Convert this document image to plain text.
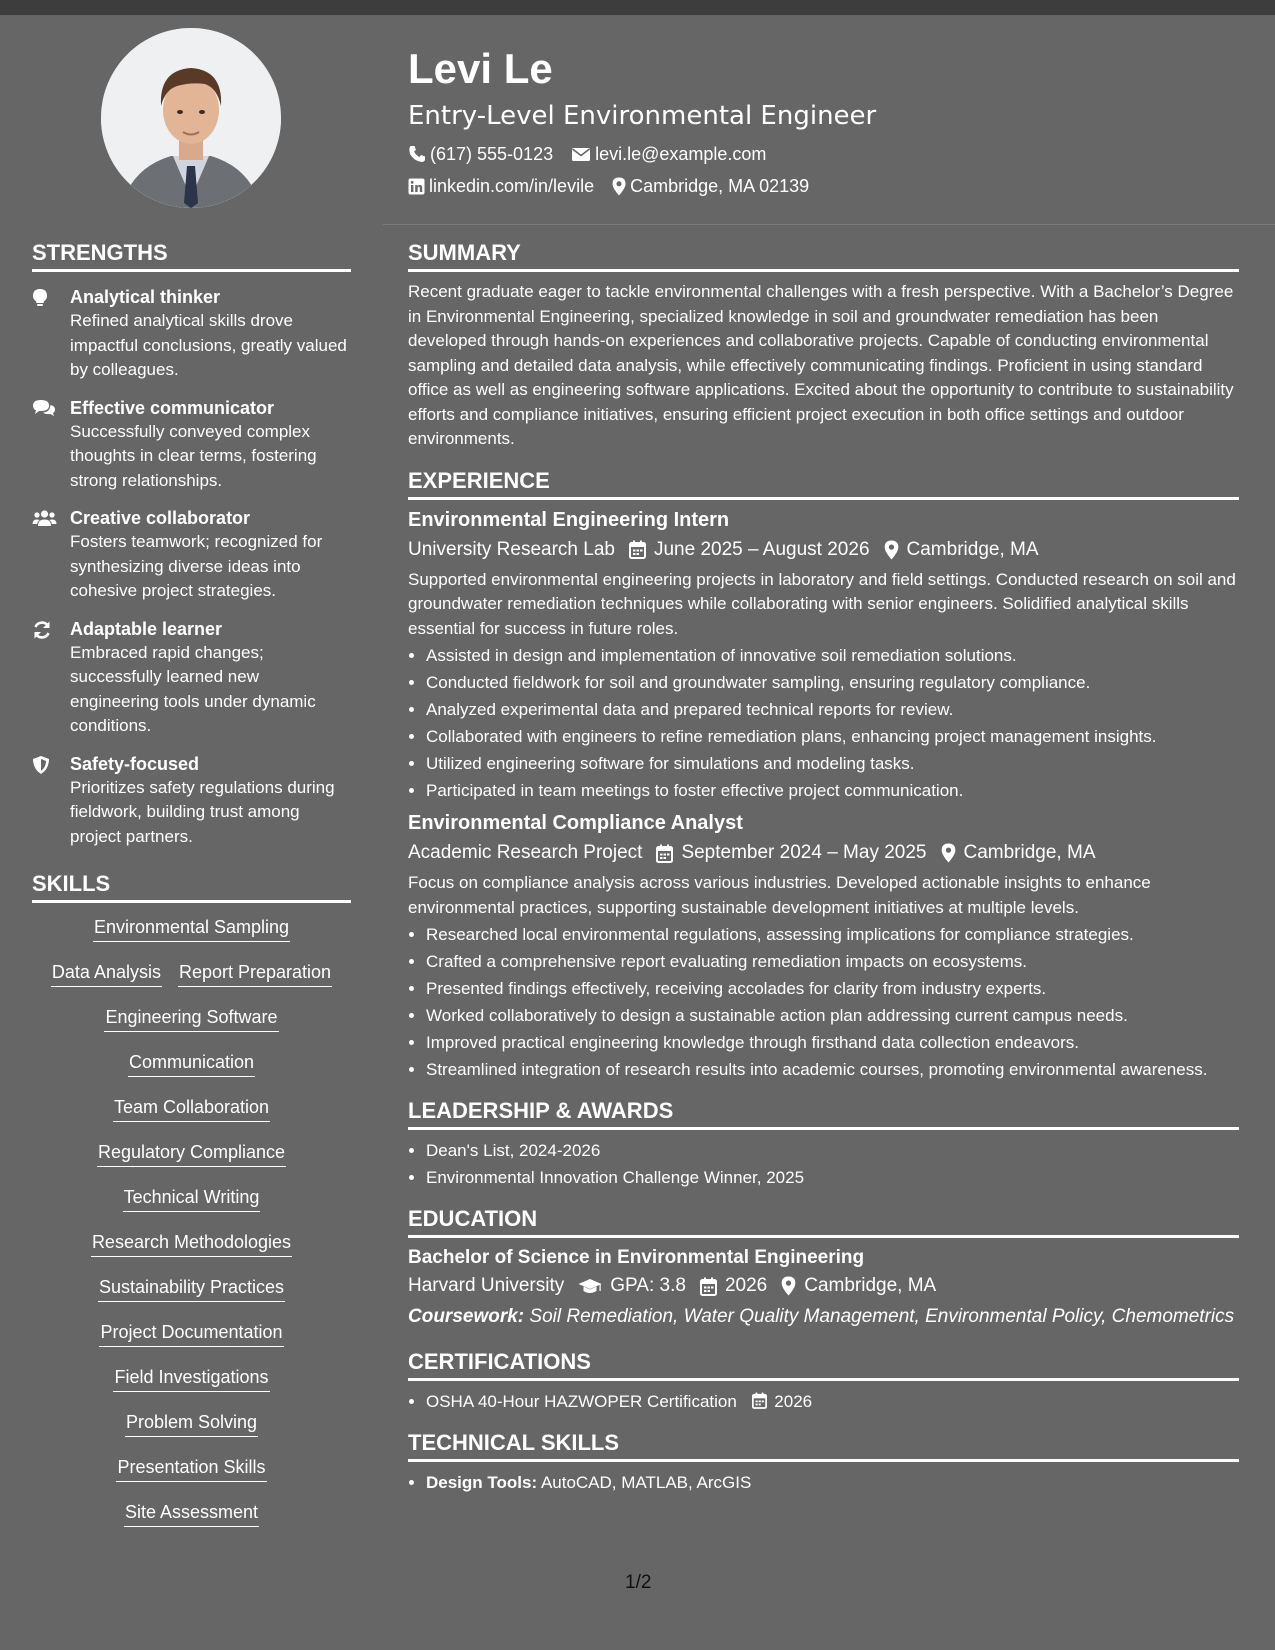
Levi Le
Entry-Level Environmental Engineer
(617) 555-0123 levi.le@example.com
linkedin.com/in/levile Cambridge, MA 02139
STRENGTHS
Analytical thinker
Refined analytical skills drove impactful conclusions, greatly valued by colleagues.
Effective communicator
Successfully conveyed complex thoughts in clear terms, fostering strong relationships.
Creative collaborator
Fosters teamwork; recognized for synthesizing diverse ideas into cohesive project strategies.
Adaptable learner
Embraced rapid changes; successfully learned new engineering tools under dynamic conditions.
Safety-focused
Prioritizes safety regulations during fieldwork, building trust among project partners.
SKILLS
Environmental Sampling
Data Analysis Report Preparation
Engineering Software
Communication
Team Collaboration
Regulatory Compliance
Technical Writing
Research Methodologies
Sustainability Practices
Project Documentation
Field Investigations
Problem Solving
Presentation Skills
Site Assessment
SUMMARY

Recent graduate eager to tackle environmental challenges with a fresh perspective. With a Bachelor’s Degree in Environmental Engineering, specialized knowledge in soil and groundwater remediation has been developed through hands-on experiences and collaborative projects. Capable of conducting environmental sampling and detailed data analysis, while effectively communicating findings. Proficient in using standard office as well as engineering software applications. Excited about the opportunity to contribute to sustainability efforts and compliance initiatives, ensuring efficient project execution in both office settings and outdoor environments.

EXPERIENCE
Environmental Engineering Intern
University Research Lab June 2025 – August 2026 Cambridge, MA

Supported environmental engineering projects in laboratory and field settings. Conducted research on soil and groundwater remediation techniques while collaborating with senior engineers. Solidified analytical skills essential for success in future roles.

• Assisted in design and implementation of innovative soil remediation solutions.
• Conducted fieldwork for soil and groundwater sampling, ensuring regulatory compliance.
• Analyzed experimental data and prepared technical reports for review.
• Collaborated with engineers to refine remediation plans, enhancing project management insights.
• Utilized engineering software for simulations and modeling tasks.
• Participated in team meetings to foster effective project communication.
Environmental Compliance Analyst
Academic Research Project September 2024 – May 2025 Cambridge, MA

Focus on compliance analysis across various industries. Developed actionable insights to enhance environmental practices, supporting sustainable development initiatives at multiple levels.

• Researched local environmental regulations, assessing implications for compliance strategies.
• Crafted a comprehensive report evaluating remediation impacts on ecosystems.
• Presented findings effectively, receiving accolades for clarity from industry experts.
• Worked collaboratively to design a sustainable action plan addressing current campus needs.
• Improved practical engineering knowledge through firsthand data collection endeavors.
• Streamlined integration of research results into academic courses, promoting environmental awareness.
LEADERSHIP & AWARDS
• Dean's List, 2024-2026
• Environmental Innovation Challenge Winner, 2025
EDUCATION
Bachelor of Science in Environmental Engineering
Harvard University GPA: 3.8 2026 Cambridge, MA
Coursework: Soil Remediation, Water Quality Management, Environmental Policy, Chemometrics
CERTIFICATIONS
• OSHA 40-Hour HAZWOPER Certification 2026
TECHNICAL SKILLS
• Design Tools: AutoCAD, MATLAB, ArcGIS
1/2
